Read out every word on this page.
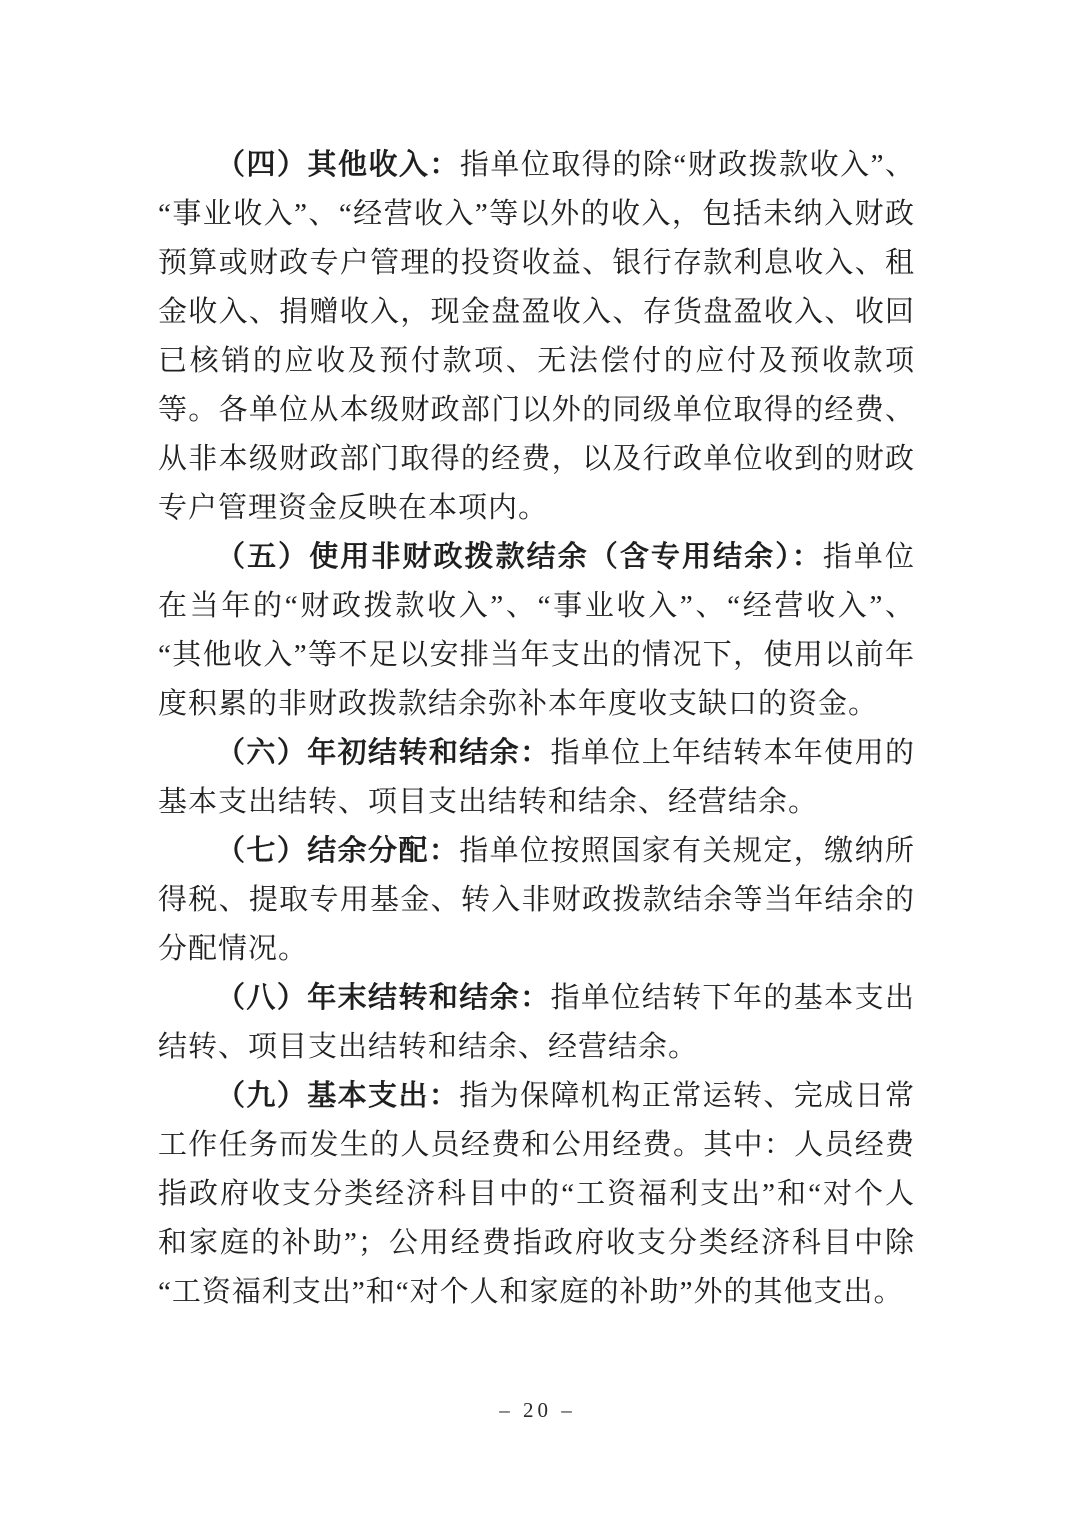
（四）其他收入：指单位取得的除“财政拨款收入”、“事业收入”、“经营收入”等以外的收入，包括未纳入财政预算或财政专户管理的投资收益、银行存款利息收入、租金收入、捐赠收入，现金盘盈收入、存货盘盈收入、收回已核销的应收及预付款项、无法偿付的应付及预收款项等。各单位从本级财政部门以外的同级单位取得的经费、从非本级财政部门取得的经费，以及行政单位收到的财政专户管理资金反映在本项内。

（五）使用非财政拨款结余（含专用结余）：指单位在当年的“财政拨款收入”、“事业收入”、“经营收入”、“其他收入”等不足以安排当年支出的情况下，使用以前年度积累的非财政拨款结余弥补本年度收支缺口的资金。

（六）年初结转和结余：指单位上年结转本年使用的基本支出结转、项目支出结转和结余、经营结余。

（七）结余分配：指单位按照国家有关规定，缴纳所得税、提取专用基金、转入非财政拨款结余等当年结余的分配情况。

（八）年末结转和结余：指单位结转下年的基本支出结转、项目支出结转和结余、经营结余。

（九）基本支出：指为保障机构正常运转、完成日常工作任务而发生的人员经费和公用经费。其中：人员经费指政府收支分类经济科目中的“工资福利支出”和“对个人和家庭的补助”；公用经费指政府收支分类经济科目中除“工资福利支出”和“对个人和家庭的补助”外的其他支出。

– 20 –
